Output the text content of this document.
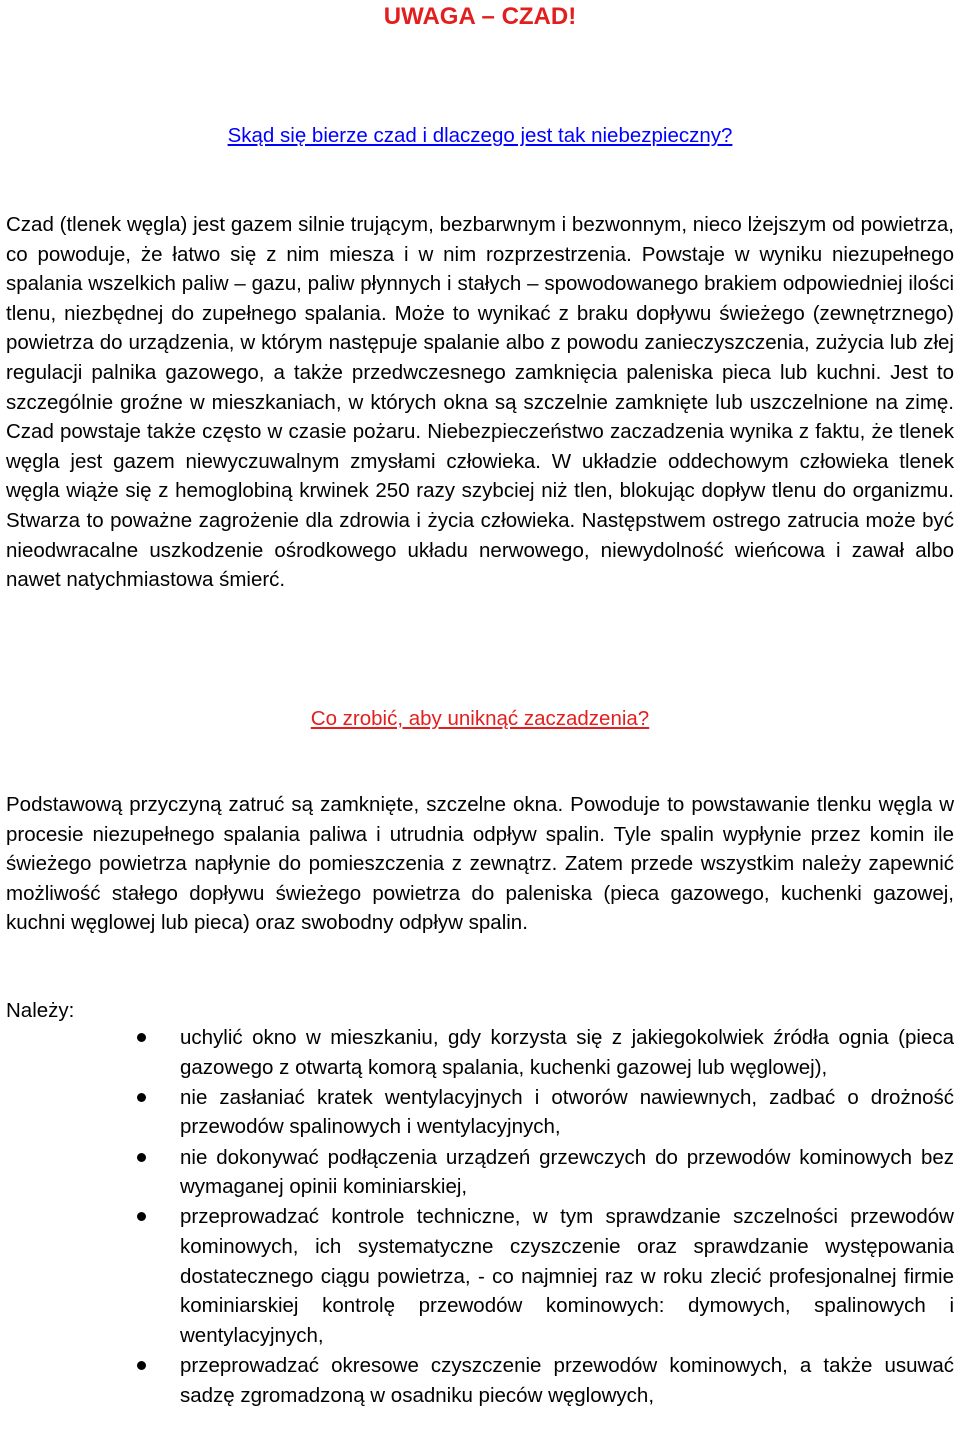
UWAGA – CZAD!

Skąd się bierze czad i dlaczego jest tak niebezpieczny?

Czad (tlenek węgla) jest gazem silnie trującym, bezbarwnym i bezwonnym, nieco lżejszym od powietrza, co powoduje, że łatwo się z nim miesza i w nim rozprzestrzenia. Powstaje w wyniku niezupełnego spalania wszelkich paliw – gazu, paliw płynnych i stałych – spowodowanego brakiem odpowiedniej ilości tlenu, niezbędnej do zupełnego spalania. Może to wynikać z braku dopływu świeżego (zewnętrznego) powietrza do urządzenia, w którym następuje spalanie albo z powodu zanieczyszczenia, zużycia lub złej regulacji palnika gazowego, a także przedwczesnego zamknięcia paleniska pieca lub kuchni. Jest to szczególnie groźne w mieszkaniach, w których okna są szczelnie zamknięte lub uszczelnione na zimę. Czad powstaje także często w czasie pożaru. Niebezpieczeństwo zaczadzenia wynika z faktu, że tlenek węgla jest gazem niewyczuwalnym zmysłami człowieka. W układzie oddechowym człowieka tlenek węgla wiąże się z hemoglobiną krwinek 250 razy szybciej niż tlen, blokując dopływ tlenu do organizmu. Stwarza to poważne zagrożenie dla zdrowia i życia człowieka. Następstwem ostrego zatrucia może być nieodwracalne uszkodzenie ośrodkowego układu nerwowego, niewydolność wieńcowa i zawał albo nawet natychmiastowa śmierć.

Co zrobić, aby uniknąć zaczadzenia?

Podstawową przyczyną zatruć są zamknięte, szczelne okna. Powoduje to powstawanie tlenku węgla w procesie niezupełnego spalania paliwa i utrudnia odpływ spalin. Tyle spalin wypłynie przez komin ile świeżego powietrza napłynie do pomieszczenia z zewnątrz. Zatem przede wszystkim należy zapewnić możliwość stałego dopływu świeżego powietrza do paleniska (pieca gazowego, kuchenki gazowej, kuchni węglowej lub pieca) oraz swobodny odpływ spalin.

Należy:

uchylić okno w mieszkaniu, gdy korzysta się z jakiegokolwiek źródła ognia (pieca gazowego z otwartą komorą spalania, kuchenki gazowej lub węglowej),
nie zasłaniać kratek wentylacyjnych i otworów nawiewnych, zadbać o drożność przewodów spalinowych i wentylacyjnych,
nie dokonywać podłączenia urządzeń grzewczych do przewodów kominowych bez wymaganej opinii kominiarskiej,
przeprowadzać kontrole techniczne, w tym sprawdzanie szczelności przewodów kominowych, ich systematyczne czyszczenie oraz sprawdzanie występowania dostatecznego ciągu powietrza, - co najmniej raz w roku zlecić profesjonalnej firmie kominiarskiej kontrolę przewodów kominowych: dymowych, spalinowych i wentylacyjnych,
przeprowadzać okresowe czyszczenie przewodów kominowych, a także usuwać sadzę zgromadzoną w osadniku pieców węglowych,
